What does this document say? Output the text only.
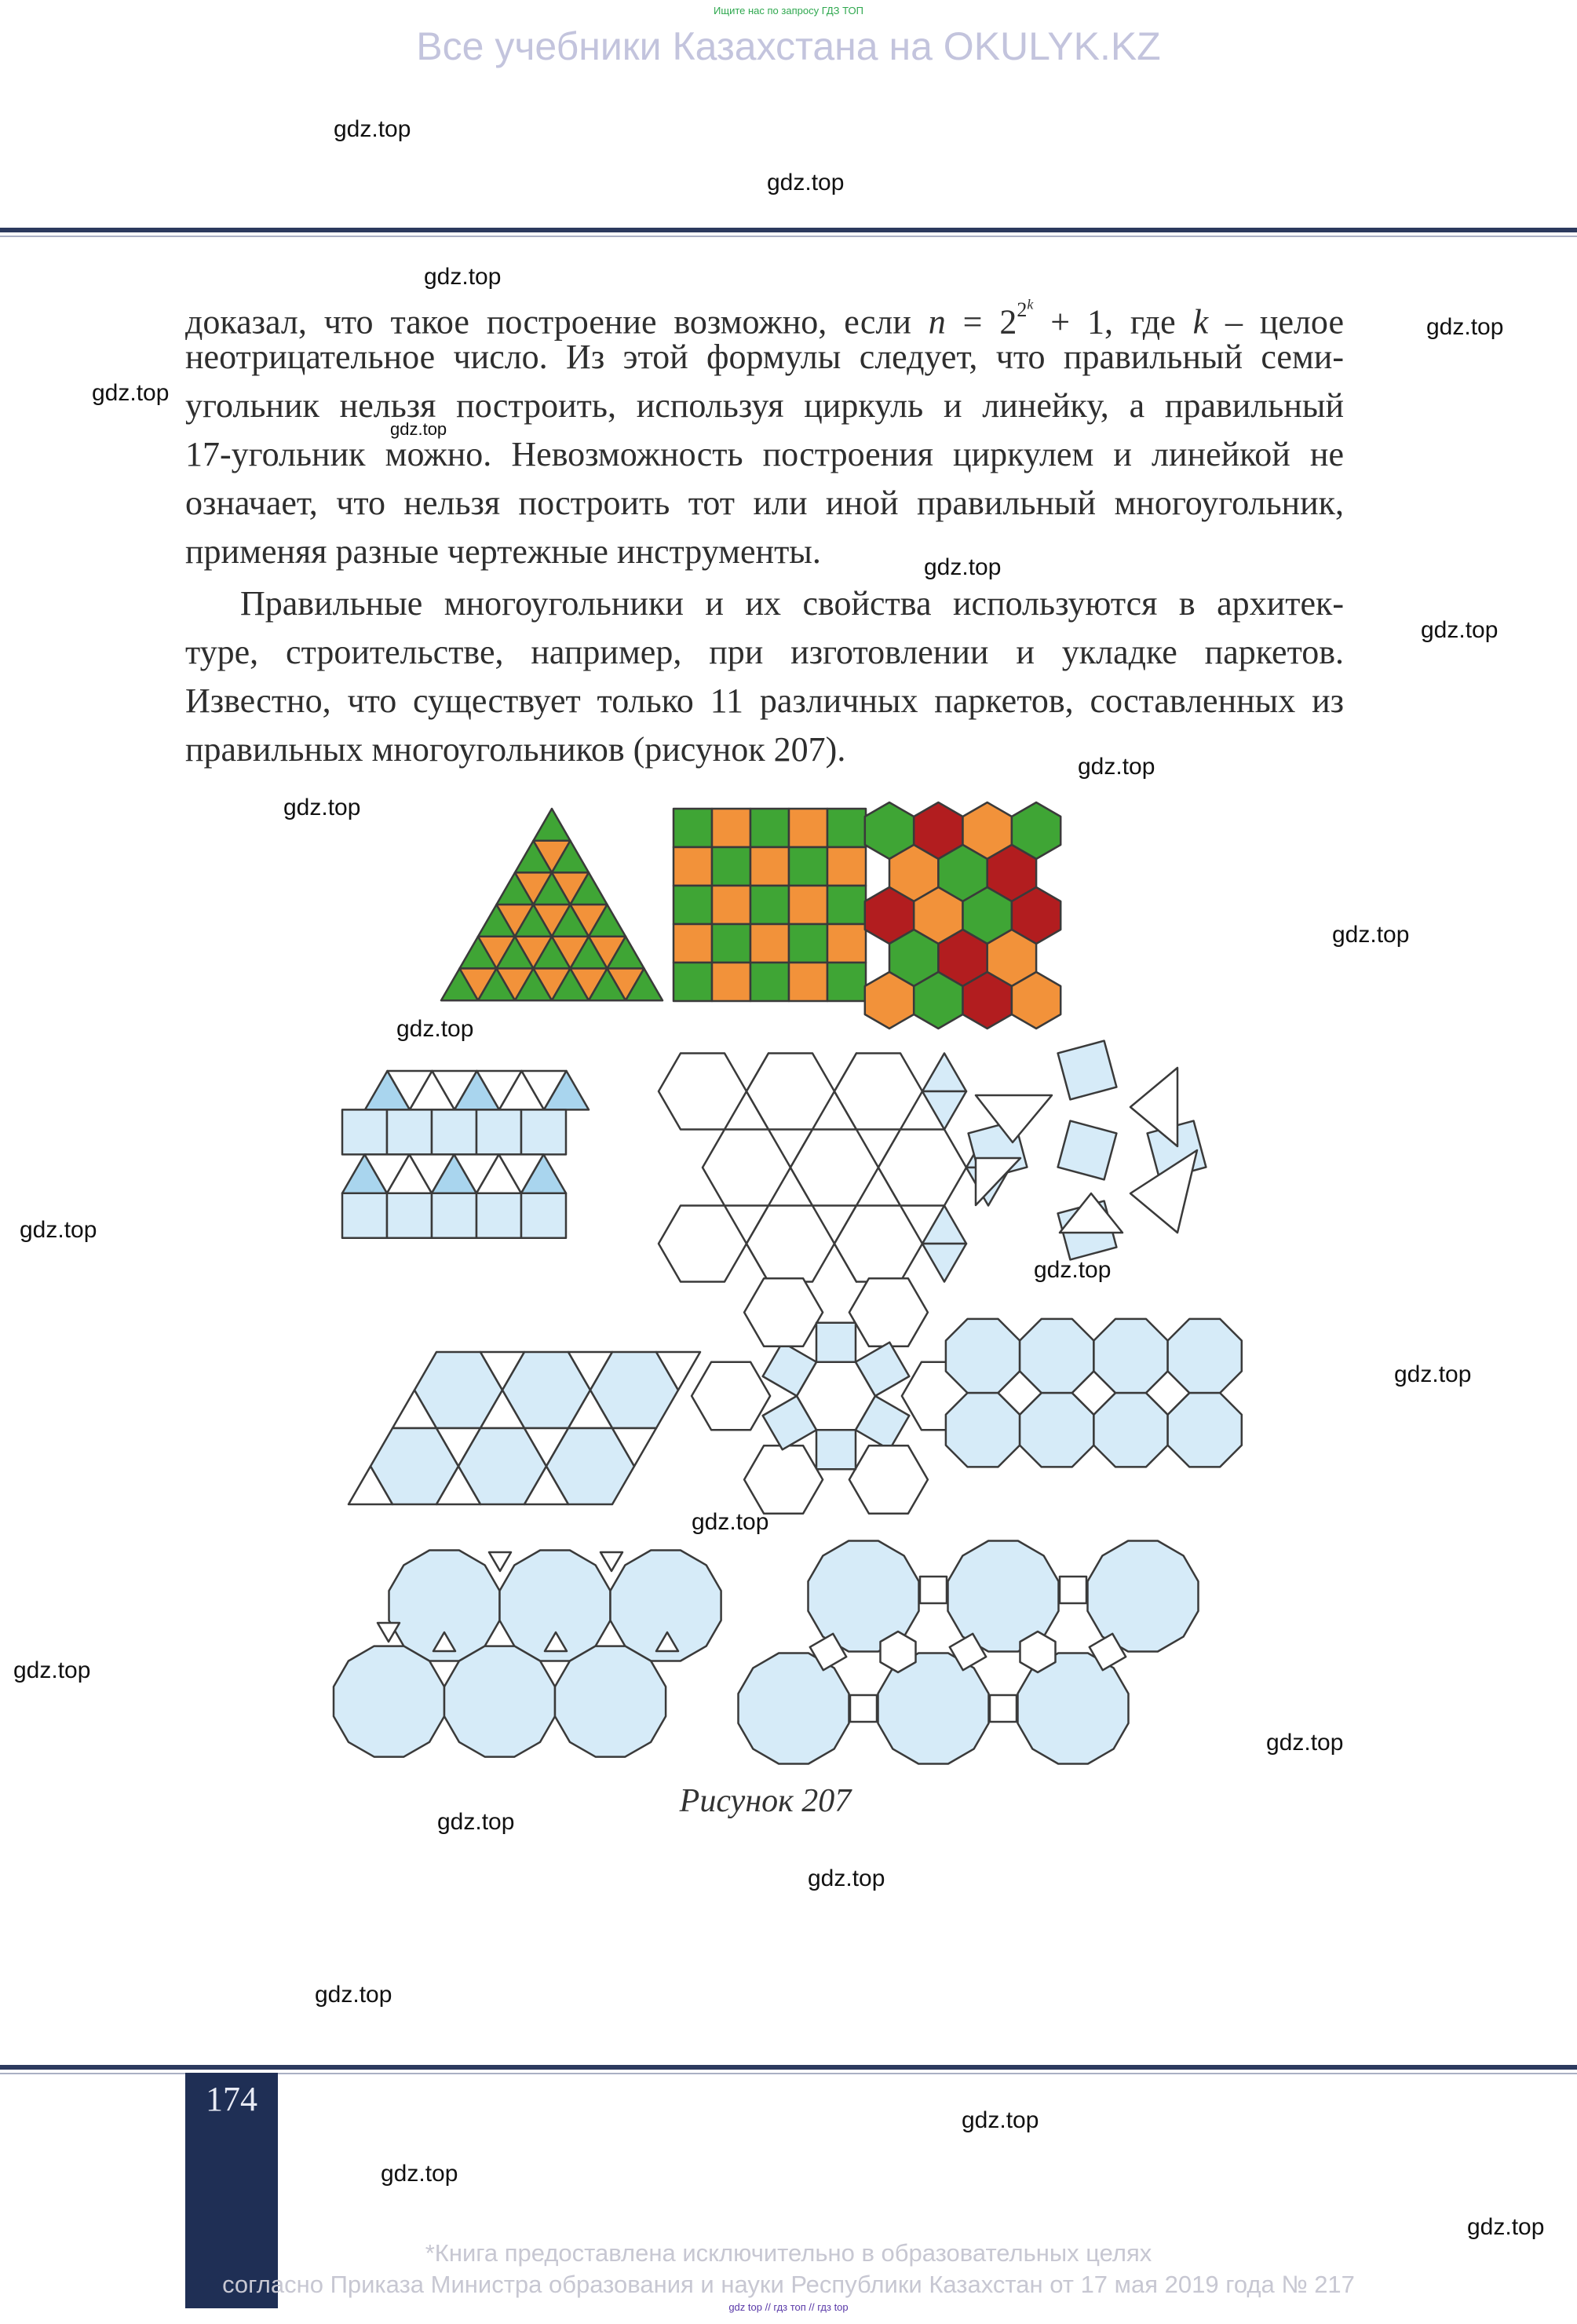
Ищите нас по запросу ГДЗ ТОП
Все учебники Казахстана на OKULYK.KZ
gdz.top
gdz.top
gdz.top
gdz.top
gdz.top
gdz.top
gdz.top
gdz.top
gdz.top
gdz.top
gdz.top
gdz.top
gdz.top
gdz.top
gdz.top
gdz.top
gdz.top
gdz.top
gdz.top
gdz.top
gdz.top
gdz.top
gdz.top
gdz.top
доказал, что такое построение возможно, если $n = 2^{2^k} + 1$, где k – целое
неотрицательное число. Из этой формулы следует, что правильный семи-
угольник нельзя построить, используя циркуль и линейку, а правильный
17-угольник можно. Невозможность построения циркулем и линейкой не
означает, что нельзя построить тот или иной правильный многоугольник,
применяя разные чертежные инструменты.
Правильные многоугольники и их свойства используются в архитек-
туре, строительстве, например, при изготовлении и укладке паркетов.
Известно, что существует только 11 различных паркетов, составленных из
правильных многоугольников (рисунок 207).
Рисунок 207
174
*Книга предоставлена исключительно в образовательных целях
согласно Приказа Министра образования и науки Республики Казахстан от 17 мая 2019 года № 217
gdz top // гдз топ // гдз top
